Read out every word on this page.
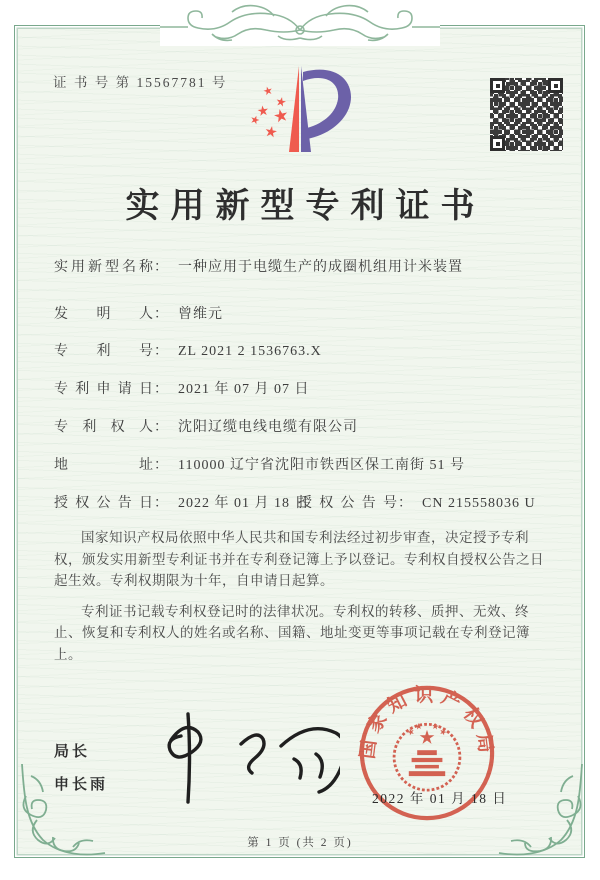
证 书 号 第 15567781 号
实用新型专利证书
实用新型名称： 一种应用于电缆生产的成圈机组用计米装置
发明人： 曾维元
专利号： ZL 2021 2 1536763.X
专利申请日： 2021 年 07 月 07 日
专利权人： 沈阳辽缆电线电缆有限公司
地址： 110000 辽宁省沈阳市铁西区保工南街 51 号
授权公告日： 2022 年 01 月 18 日
授权公告号： CN 215558036 U

国家知识产权局依照中华人民共和国专利法经过初步审查，决定授予专利权，颁发实用新型专利证书并在专利登记簿上予以登记。专利权自授权公告之日起生效。专利权期限为十年，自申请日起算。

专利证书记载专利权登记时的法律状况。专利权的转移、质押、无效、终止、恢复和专利权人的姓名或名称、国籍、地址变更等事项记载在专利登记簿上。

局长
申长雨
国家知识产权局
2022 年 01 月 18 日
第 1 页 (共 2 页)
